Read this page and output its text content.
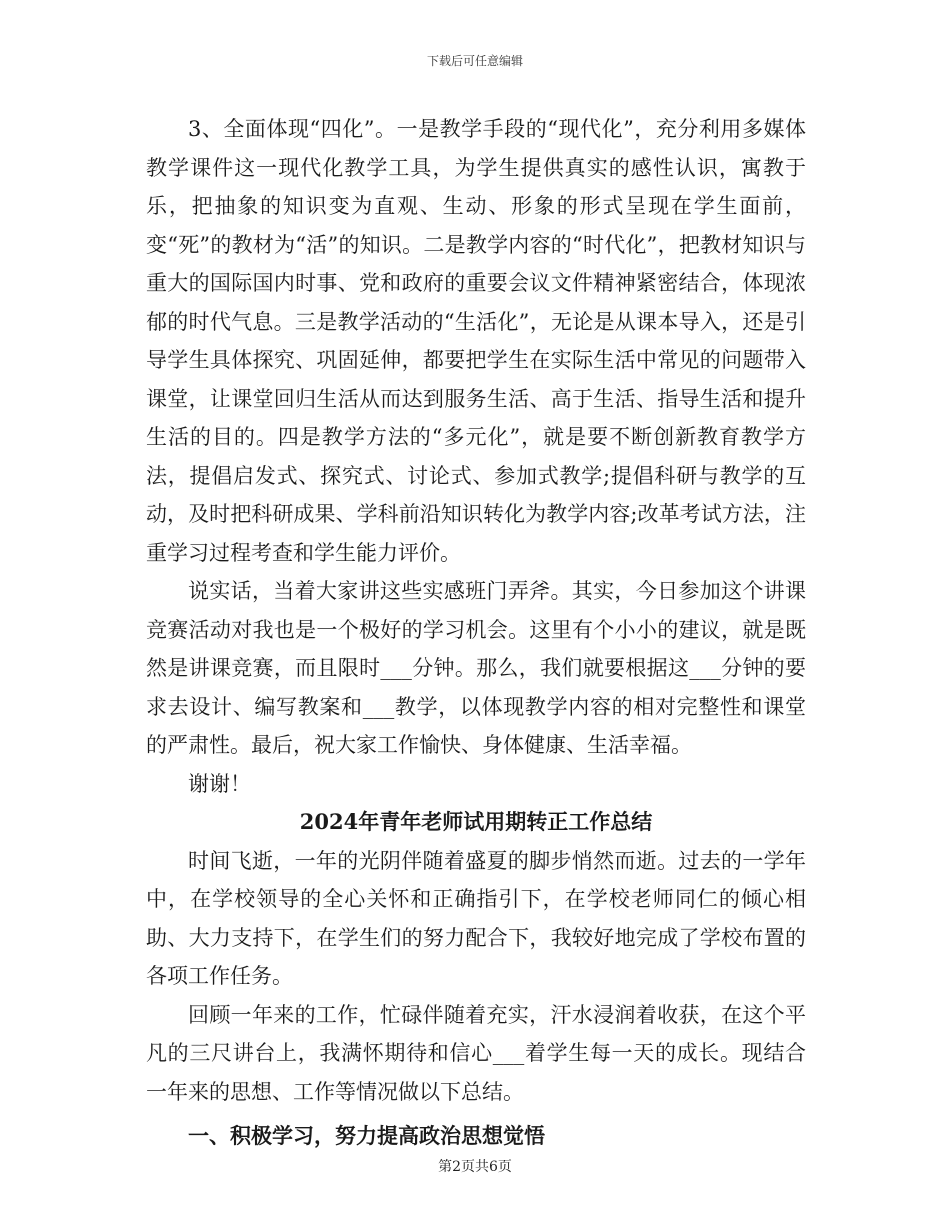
下载后可任意编辑

3、全面体现“四化”。一是教学手段的“现代化”，充分利用多媒体教学课件这一现代化教学工具，为学生提供真实的感性认识，寓教于乐，把抽象的知识变为直观、生动、形象的形式呈现在学生面前，变“死”的教材为“活”的知识。二是教学内容的“时代化”，把教材知识与重大的国际国内时事、党和政府的重要会议文件精神紧密结合，体现浓郁的时代气息。三是教学活动的“生活化”，无论是从课本导入，还是引导学生具体探究、巩固延伸，都要把学生在实际生活中常见的问题带入课堂，让课堂回归生活从而达到服务生活、高于生活、指导生活和提升生活的目的。四是教学方法的“多元化”，就是要不断创新教育教学方法，提倡启发式、探究式、讨论式、参加式教学;提倡科研与教学的互动，及时把科研成果、学科前沿知识转化为教学内容;改革考试方法，注重学习过程考查和学生能力评价。

说实话，当着大家讲这些实感班门弄斧。其实，今日参加这个讲课竞赛活动对我也是一个极好的学习机会。这里有个小小的建议，就是既然是讲课竞赛，而且限时___分钟。那么，我们就要根据这___分钟的要求去设计、编写教案和___教学，以体现教学内容的相对完整性和课堂的严肃性。最后，祝大家工作愉快、身体健康、生活幸福。

谢谢！

2024年青年老师试用期转正工作总结

时间飞逝，一年的光阴伴随着盛夏的脚步悄然而逝。过去的一学年中，在学校领导的全心关怀和正确指引下，在学校老师同仁的倾心相助、大力支持下，在学生们的努力配合下，我较好地完成了学校布置的各项工作任务。

回顾一年来的工作，忙碌伴随着充实，汗水浸润着收获，在这个平凡的三尺讲台上，我满怀期待和信心___着学生每一天的成长。现结合一年来的思想、工作等情况做以下总结。

一、积极学习，努力提高政治思想觉悟

第2页共6页
